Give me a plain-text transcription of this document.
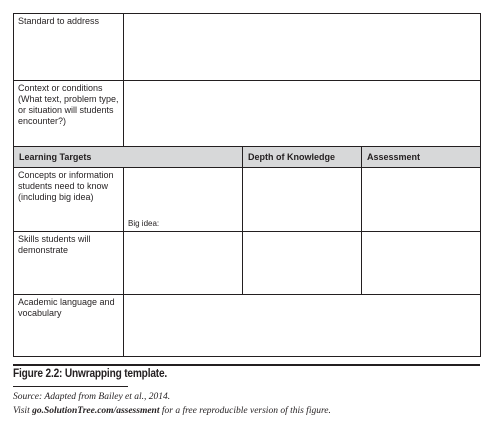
Standard to address			
Context or conditions (What text, problem type, or situation will students encounter?)			
Learning Targets		Depth of Knowledge	Assessment
Concepts or information students need to know (including big idea)	Big idea:		

Skills students will demonstrate			
Academic language and vocabulary			
Figure 2.2: Unwrapping template.
Source: Adapted from Bailey et al., 2014.
Visit go.SolutionTree.com/assessment for a free reproducible version of this figure.
